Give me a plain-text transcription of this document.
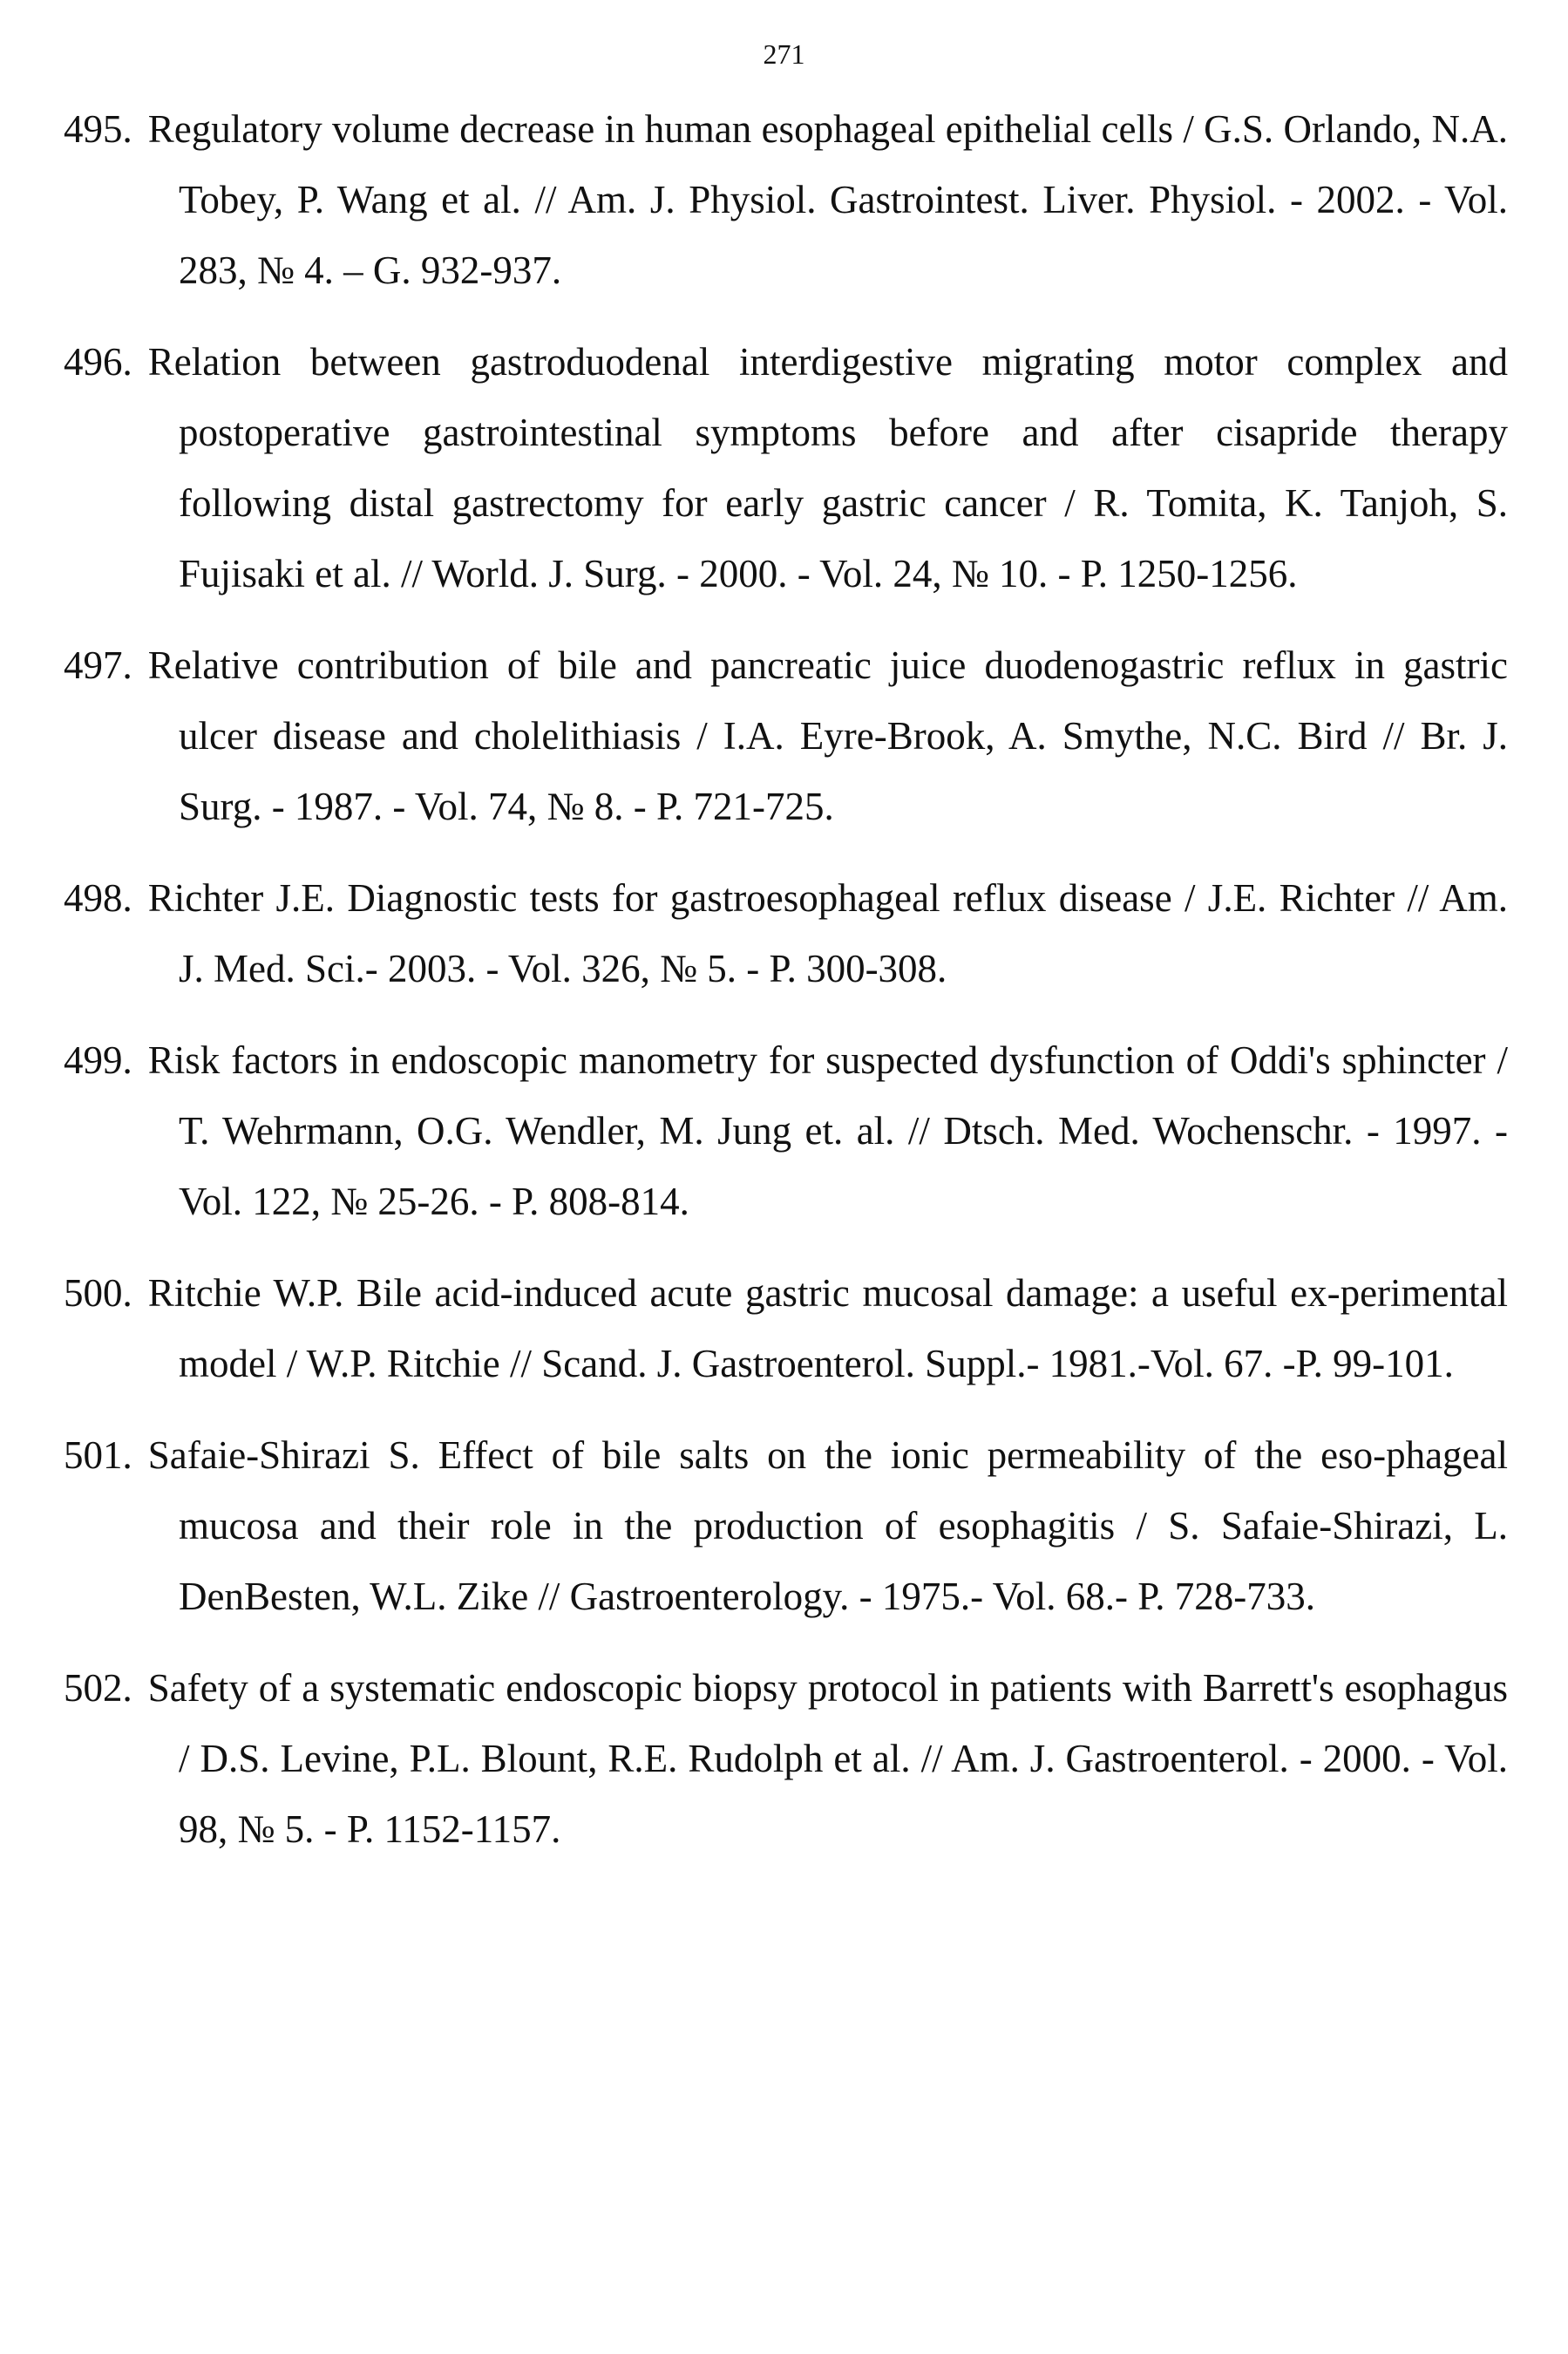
271
495. Regulatory volume decrease in human esophageal epithelial cells / G.S. Orlando, N.A. Tobey, P. Wang et al. // Am. J. Physiol. Gastrointest. Liver. Physiol. - 2002. - Vol. 283, № 4. – G. 932-937.
496. Relation between gastroduodenal interdigestive migrating motor complex and postoperative gastrointestinal symptoms before and after cisapride therapy following distal gastrectomy for early gastric cancer / R. Tomita, K. Tanjoh, S. Fujisaki et al. // World. J. Surg. - 2000. - Vol. 24, № 10. - P. 1250-1256.
497. Relative contribution of bile and pancreatic juice duodenogastric reflux in gastric ulcer disease and cholelithiasis / I.A. Eyre-Brook, A. Smythe, N.C. Bird // Br. J. Surg. - 1987. - Vol. 74, № 8. - P. 721-725.
498. Richter J.E. Diagnostic tests for gastroesophageal reflux disease / J.E. Richter // Am. J. Med. Sci.- 2003. - Vol. 326, № 5. - P. 300-308.
499. Risk factors in endoscopic manometry for suspected dysfunction of Oddi's sphincter / T. Wehrmann, O.G. Wendler, M. Jung et. al. // Dtsch. Med. Wochenschr. - 1997. - Vol. 122, № 25-26. - P. 808-814.
500. Ritchie W.P. Bile acid-induced acute gastric mucosal damage: a useful ex-perimental model / W.P. Ritchie // Scand. J. Gastroenterol. Suppl.- 1981.-Vol. 67. -P. 99-101.
501. Safaie-Shirazi S. Effect of bile salts on the ionic permeability of the eso-phageal mucosa and their role in the production of esophagitis / S. Safaie-Shirazi, L. DenBesten, W.L. Zike // Gastroenterology. - 1975.- Vol. 68.- P. 728-733.
502. Safety of a systematic endoscopic biopsy protocol in patients with Barrett's esophagus / D.S. Levine, P.L. Blount, R.E. Rudolph et al. // Am. J. Gastroenterol. - 2000. - Vol. 98, № 5. - P. 1152-1157.
